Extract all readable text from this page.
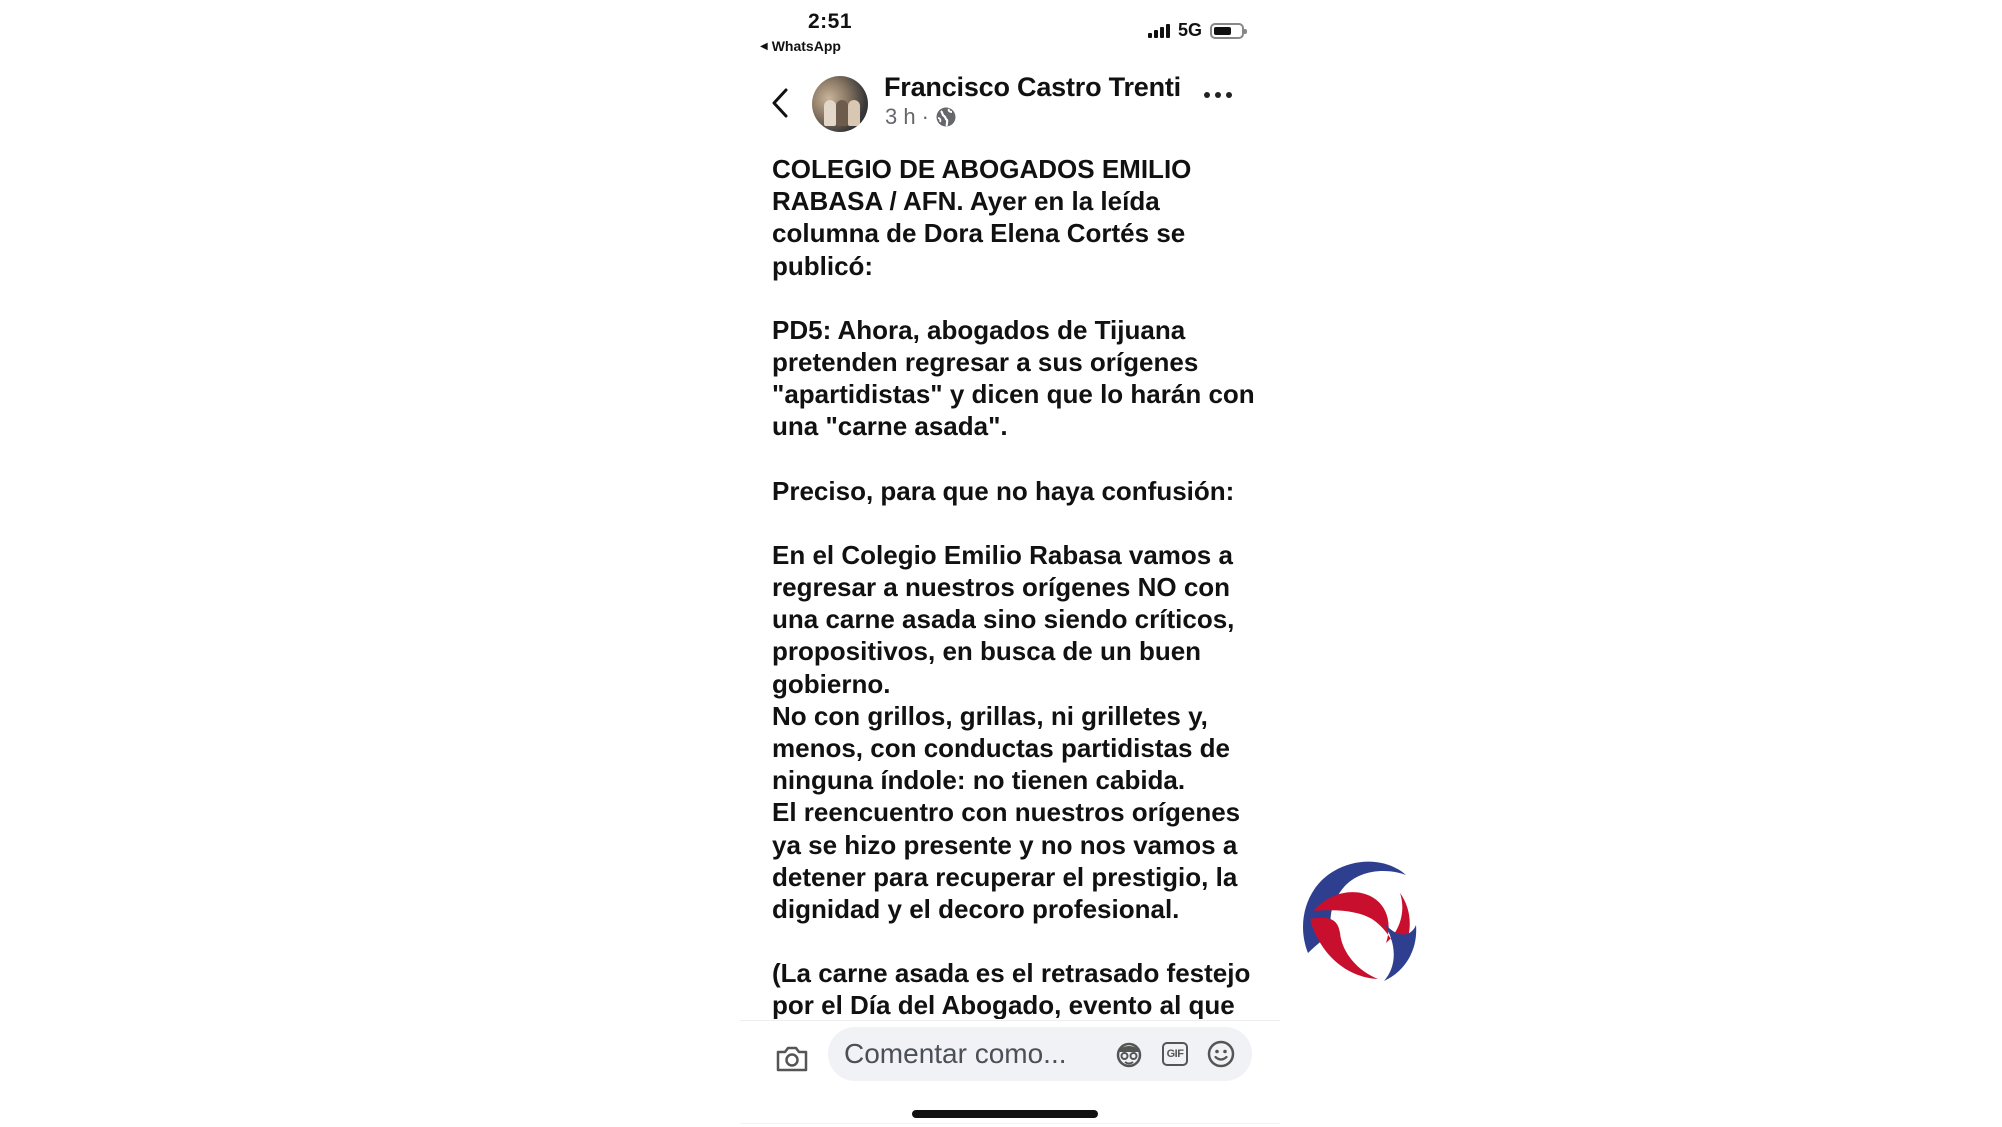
2:51
◀ WhatsApp
5G
Francisco Castro Trenti
3 h ·

COLEGIO DE ABOGADOS EMILIO
RABASA / AFN. Ayer en la leída
columna de Dora Elena Cortés se
publicó:

PD5: Ahora, abogados de Tijuana
pretenden regresar a sus orígenes
"apartidistas" y dicen que lo harán con
una "carne asada".

Preciso, para que no haya confusión:

En el Colegio Emilio Rabasa vamos a
regresar a nuestros orígenes NO con
una carne asada sino siendo críticos,
propositivos, en busca de un buen
gobierno.
No con grillos, grillas, ni grilletes y,
menos, con conductas partidistas de
ninguna índole: no tienen cabida.
El reencuentro con nuestros orígenes
ya se hizo presente y no nos vamos a
detener para recuperar el prestigio, la
dignidad y el decoro profesional.

(La carne asada es el retrasado festejo
por el Día del Abogado, evento al que

Comentar como...	GIF
